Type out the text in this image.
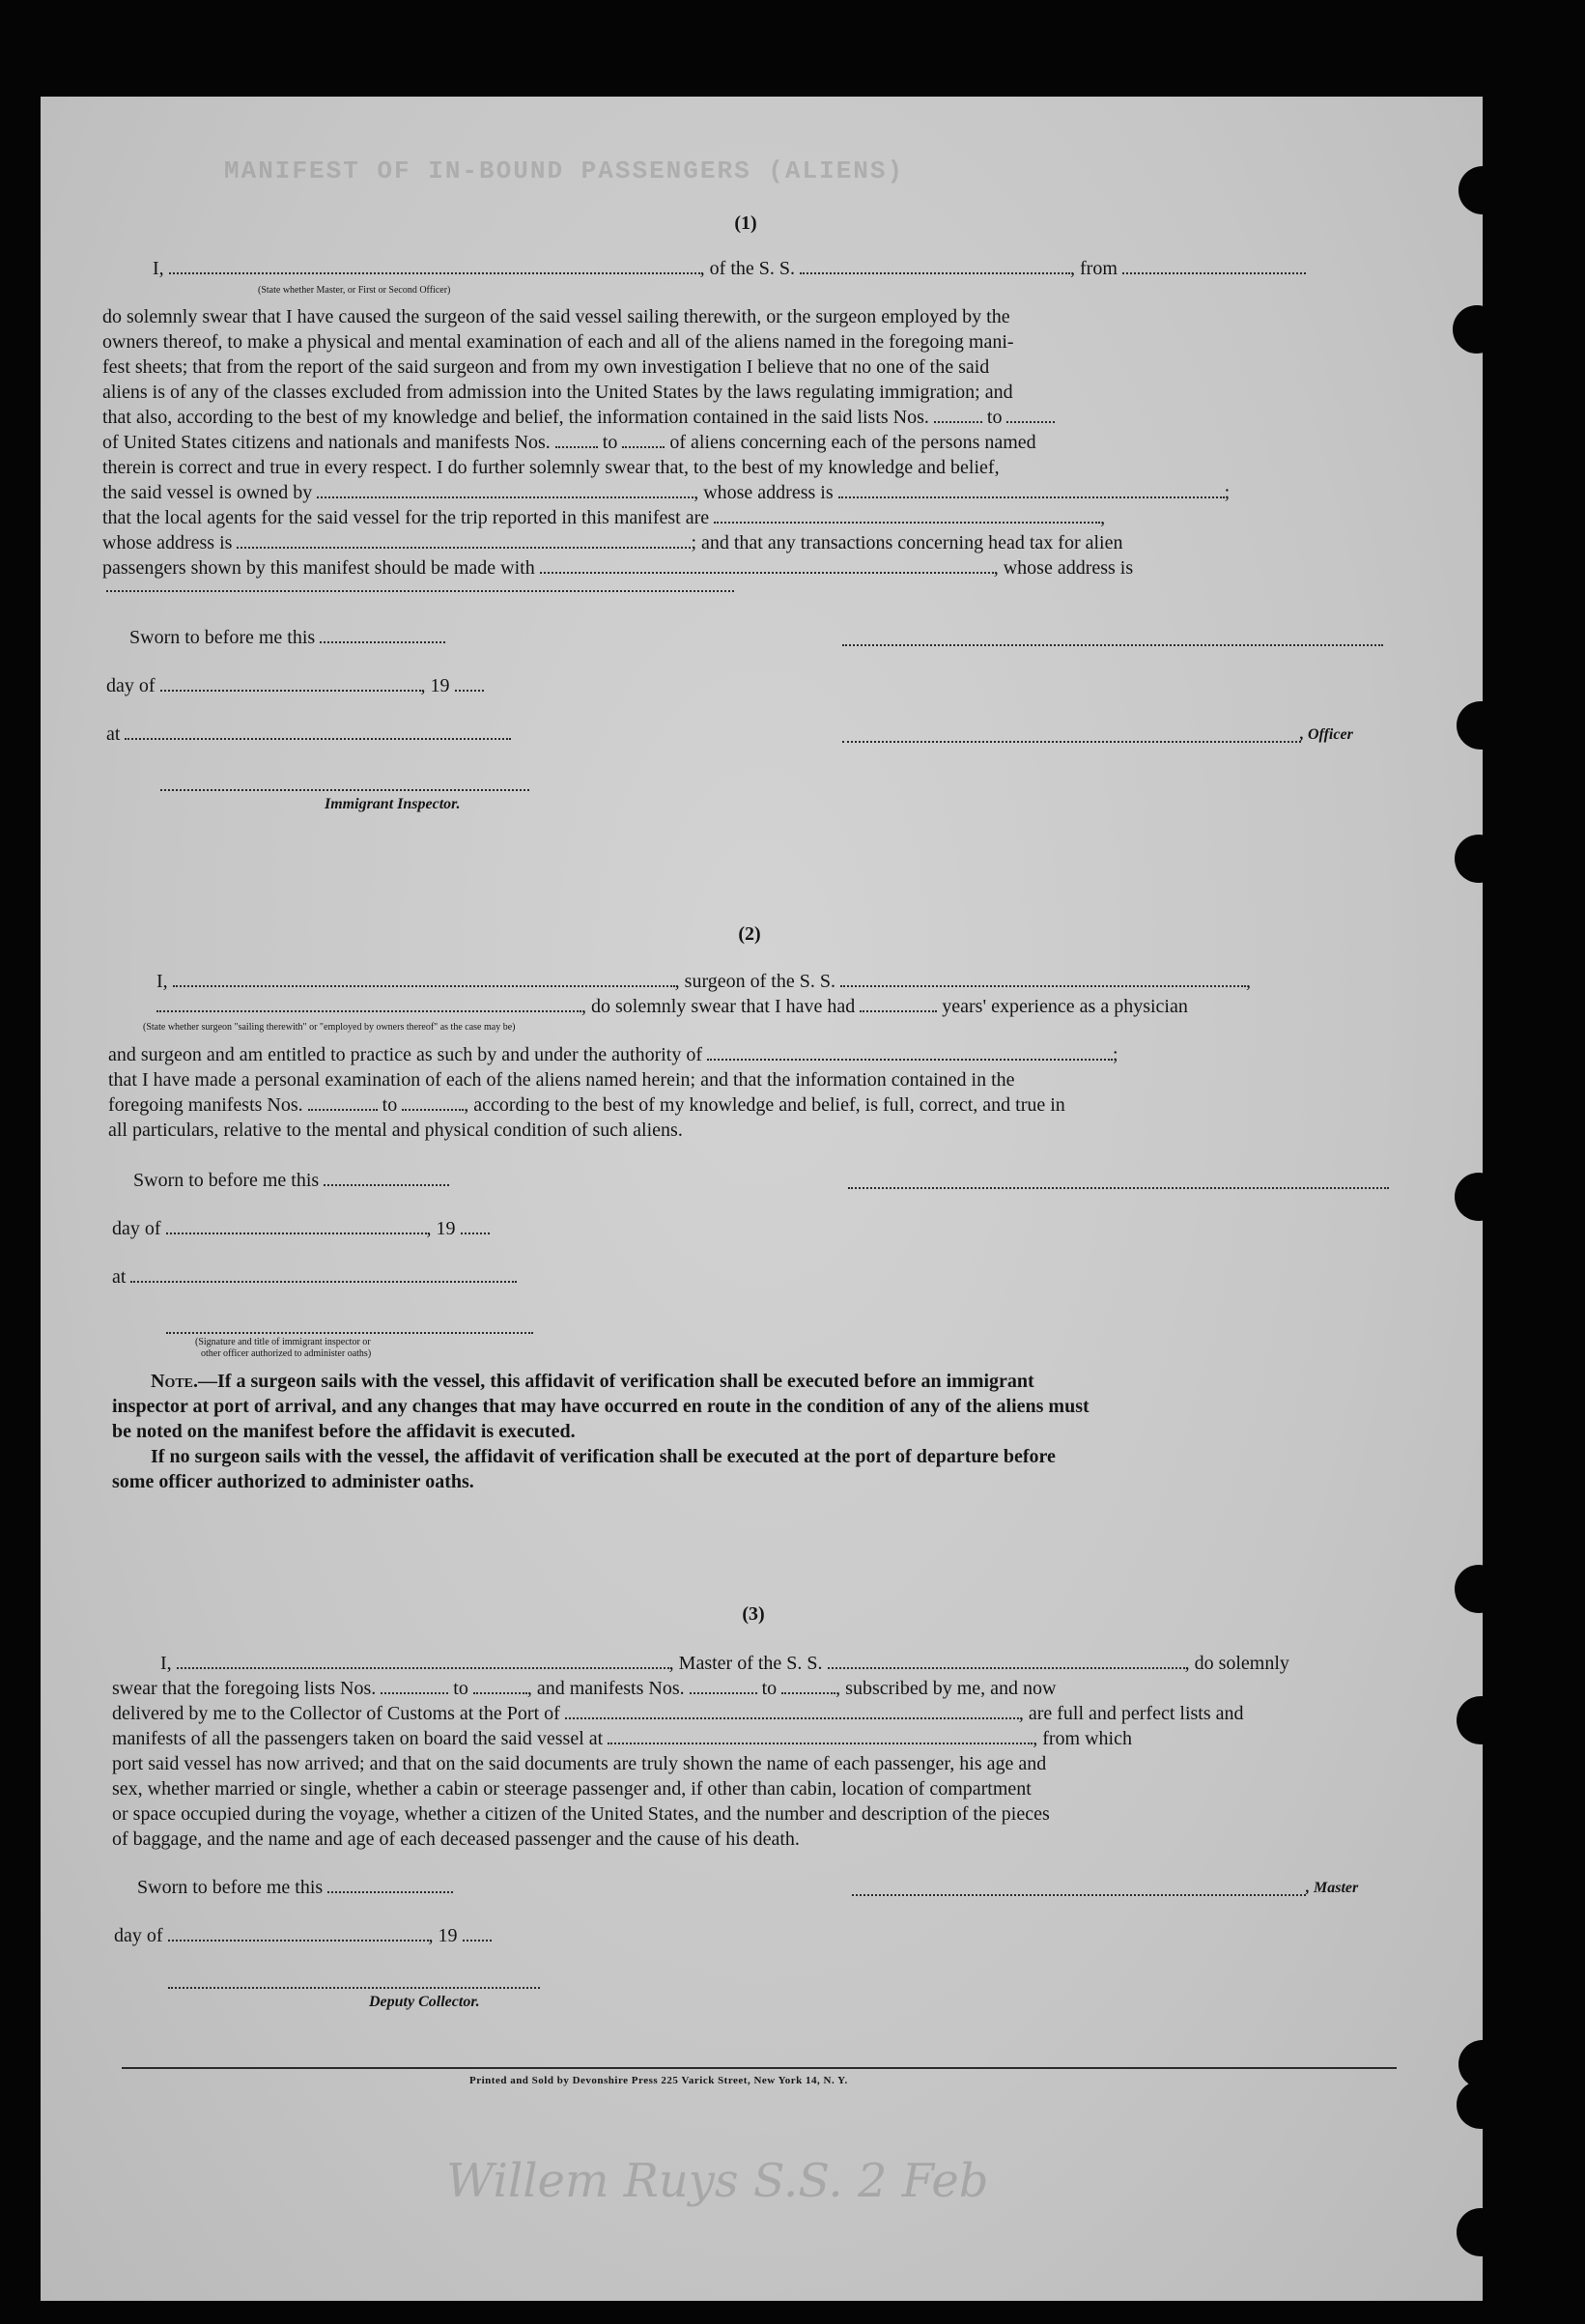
MANIFEST OF IN-BOUND PASSENGERS (ALIENS)
Willem Ruys S.S. 2 Feb
(1)
I,	, of the S. S.	, from
(State whether Master, or First or Second Officer)
do solemnly swear that I have caused the surgeon of the said vessel sailing therewith, or the surgeon employed by the
owners thereof, to make a physical and mental examination of each and all of the aliens named in the foregoing mani-
fest sheets; that from the report of the said surgeon and from my own investigation I believe that no one of the said
aliens is of any of the classes excluded from admission into the United States by the laws regulating immigration; and
that also, according to the best of my knowledge and belief, the information contained in the said lists Nos.	to
of United States citizens and nationals and manifests Nos.	to	of aliens concerning each of the persons named
therein is correct and true in every respect. I do further solemnly swear that, to the best of my knowledge and belief,
the said vessel is owned by	, whose address is	;
that the local agents for the said vessel for the trip reported in this manifest are	,
whose address is	; and that any transactions concerning head tax for alien
passengers shown by this manifest should be made with	, whose address is
Sworn to before me this
day of	, 19
at	, Officer
Immigrant Inspector.
(2)
I,	, surgeon of the S. S.	,
, do solemnly swear that I have had	years' experience as a physician
(State whether surgeon "sailing therewith" or "employed by owners thereof" as the case may be)
and surgeon and am entitled to practice as such by and under the authority of	;
that I have made a personal examination of each of the aliens named herein; and that the information contained in the
foregoing manifests Nos.	to	, according to the best of my knowledge and belief, is full, correct, and true in
all particulars, relative to the mental and physical condition of such aliens.
Sworn to before me this
day of	, 19
at
(Signature and title of immigrant inspector or
other officer authorized to administer oaths)
Note.—If a surgeon sails with the vessel, this affidavit of verification shall be executed before an immigrant
inspector at port of arrival, and any changes that may have occurred en route in the condition of any of the aliens must
be noted on the manifest before the affidavit is executed.
If no surgeon sails with the vessel, the affidavit of verification shall be executed at the port of departure before
some officer authorized to administer oaths.
(3)
I,	, Master of the S. S.	, do solemnly
swear that the foregoing lists Nos.	to	, and manifests Nos.	to	, subscribed by me, and now
delivered by me to the Collector of Customs at the Port of	, are full and perfect lists and
manifests of all the passengers taken on board the said vessel at	, from which
port said vessel has now arrived; and that on the said documents are truly shown the name of each passenger, his age and
sex, whether married or single, whether a cabin or steerage passenger and, if other than cabin, location of compartment
or space occupied during the voyage, whether a citizen of the United States, and the number and description of the pieces
of baggage, and the name and age of each deceased passenger and the cause of his death.
Sworn to before me this	, Master
day of	, 19
Deputy Collector.
Printed and Sold by Devonshire Press 225 Varick Street, New York 14, N. Y.
